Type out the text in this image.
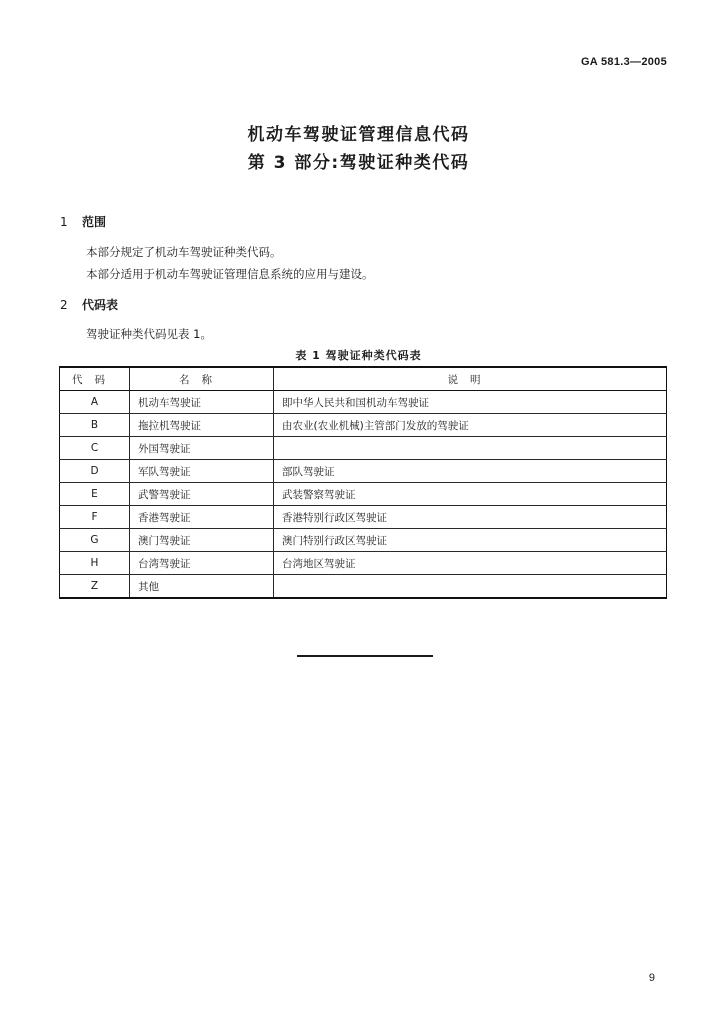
GA 581.3—2005
机动车驾驶证管理信息代码
第 3 部分:驾驶证种类代码
1 范围
本部分规定了机动车驾驶证种类代码。
本部分适用于机动车驾驶证管理信息系统的应用与建设。
2 代码表
驾驶证种类代码见表 1。
表 1 驾驶证种类代码表
代码	名称	说明
A	机动车驾驶证	即中华人民共和国机动车驾驶证
B	拖拉机驾驶证	由农业(农业机械)主管部门发放的驾驶证
C	外国驾驶证	
D	军队驾驶证	部队驾驶证
E	武警驾驶证	武装警察驾驶证
F	香港驾驶证	香港特别行政区驾驶证
G	澳门驾驶证	澳门特别行政区驾驶证
H	台湾驾驶证	台湾地区驾驶证
Z	其他	
9
